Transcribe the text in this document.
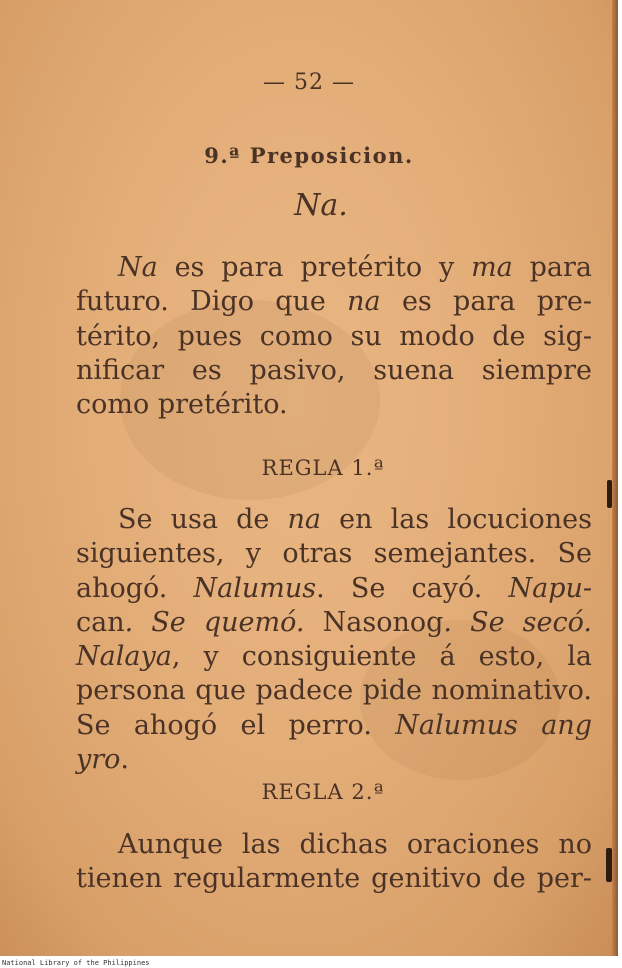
— 52 —
9.ª Preposicion.
Na.
Na es para pretérito y ma para
futuro. Digo que na es para pre-
térito, pues como su modo de sig-
nificar es pasivo, suena siempre
como pretérito.
REGLA 1.ª
Se usa de na en las locuciones
siguientes, y otras semejantes. Se
ahogó. Nalumus. Se cayó. Napu-
can. Se quemó. Nasonog. Se secó.
Nalaya, y consiguiente á esto, la
persona que padece pide nominativo.
Se ahogó el perro. Nalumus ang
yro.
REGLA 2.ª
Aunque las dichas oraciones no
tienen regularmente genitivo de per-
National Library of the Philippines
